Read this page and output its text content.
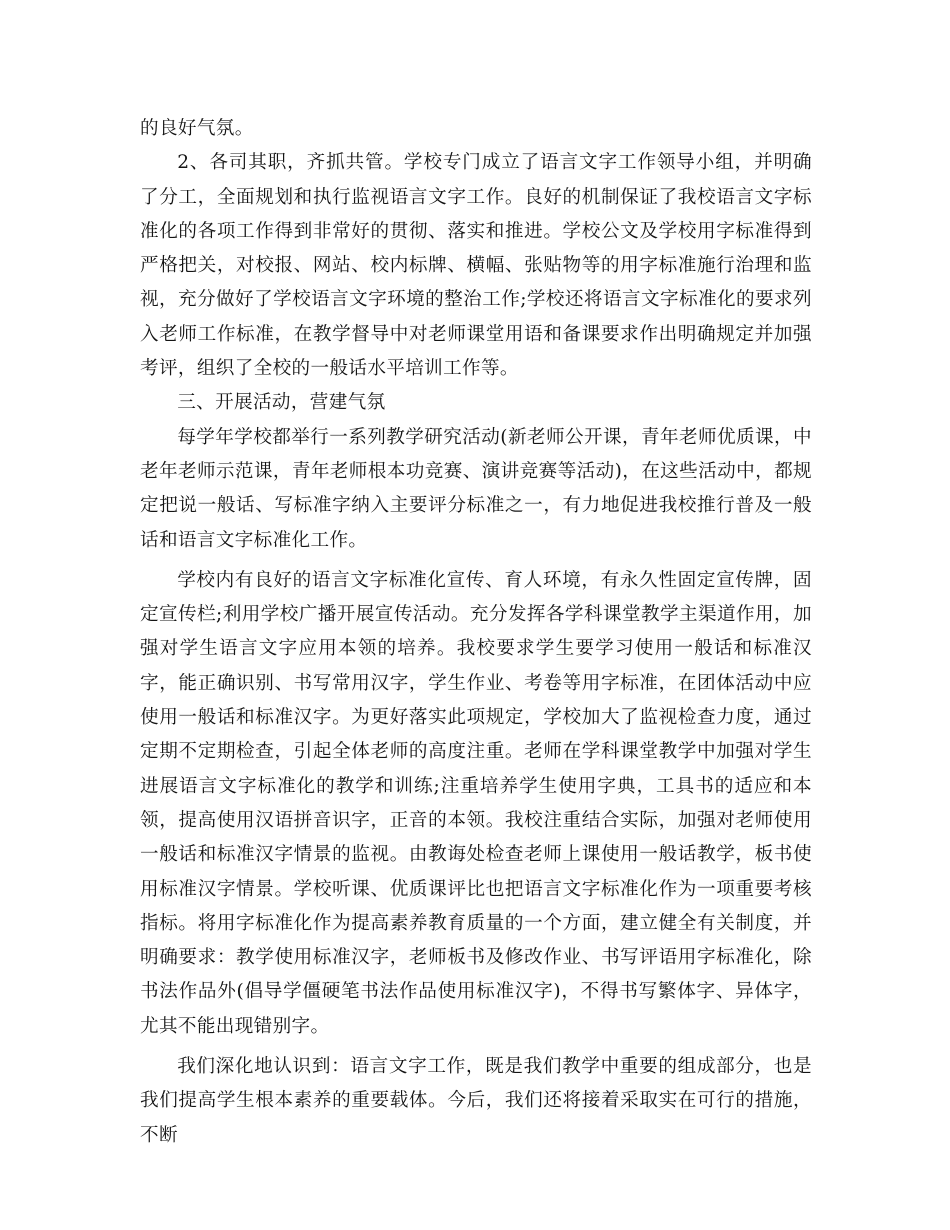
的良好气氛。

2、各司其职，齐抓共管。学校专门成立了语言文字工作领导小组，并明确了分工，全面规划和执行监视语言文字工作。良好的机制保证了我校语言文字标准化的各项工作得到非常好的贯彻、落实和推进。学校公文及学校用字标准得到严格把关，对校报、网站、校内标牌、横幅、张贴物等的用字标准施行治理和监视，充分做好了学校语言文字环境的整治工作;学校还将语言文字标准化的要求列入老师工作标准，在教学督导中对老师课堂用语和备课要求作出明确规定并加强考评，组织了全校的一般话水平培训工作等。

三、开展活动，营建气氛

每学年学校都举行一系列教学研究活动(新老师公开课，青年老师优质课，中老年老师示范课，青年老师根本功竞赛、演讲竞赛等活动)，在这些活动中，都规定把说一般话、写标准字纳入主要评分标准之一，有力地促进我校推行普及一般话和语言文字标准化工作。

学校内有良好的语言文字标准化宣传、育人环境，有永久性固定宣传牌，固定宣传栏;利用学校广播开展宣传活动。充分发挥各学科课堂教学主渠道作用，加强对学生语言文字应用本领的培养。我校要求学生要学习使用一般话和标准汉字，能正确识别、书写常用汉字，学生作业、考卷等用字标准，在团体活动中应使用一般话和标准汉字。为更好落实此项规定，学校加大了监视检查力度，通过定期不定期检查，引起全体老师的高度注重。老师在学科课堂教学中加强对学生进展语言文字标准化的教学和训练;注重培养学生使用字典，工具书的适应和本领，提高使用汉语拼音识字，正音的本领。我校注重结合实际，加强对老师使用一般话和标准汉字情景的监视。由教诲处检查老师上课使用一般话教学，板书使用标准汉字情景。学校听课、优质课评比也把语言文字标准化作为一项重要考核指标。将用字标准化作为提高素养教育质量的一个方面，建立健全有关制度，并明确要求：教学使用标准汉字，老师板书及修改作业、书写评语用字标准化，除书法作品外(倡导学僵硬笔书法作品使用标准汉字)，不得书写繁体字、异体字，尤其不能出现错别字。

我们深化地认识到：语言文字工作，既是我们教学中重要的组成部分，也是我们提高学生根本素养的重要载体。今后，我们还将接着采取实在可行的措施，不断
